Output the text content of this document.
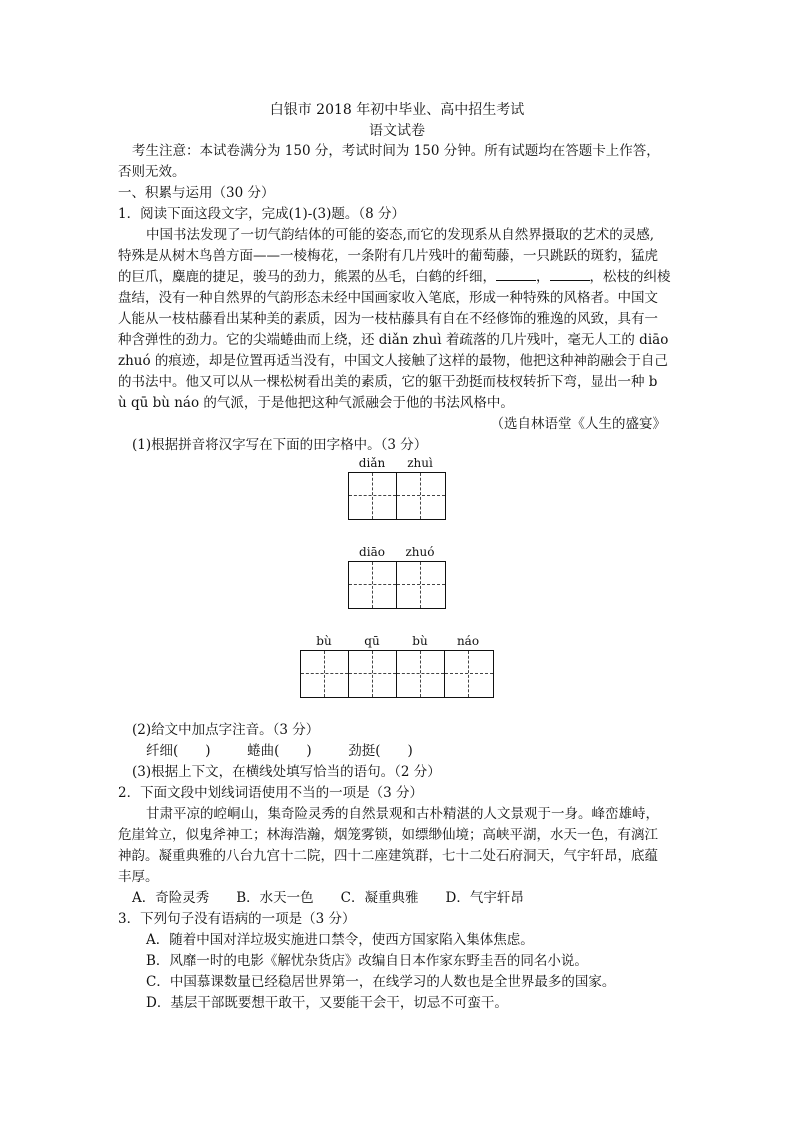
白银市 2018 年初中毕业、高中招生考试
语文试卷
考生注意：本试卷满分为 150 分，考试时间为 150 分钟。所有试题均在答题卡上作答，
否则无效。
一、积累与运用（30 分）
1．阅读下面这段文字，完成(1)-(3)题。（8 分）
中国书法发现了一切气韵结体的可能的姿态,而它的发现系从自然界摄取的艺术的灵感,
特殊是从树木鸟兽方面——一棱梅花，一条附有几片残叶的葡萄藤，一只跳跃的斑豹，猛虎
的巨爪，麋鹿的捷足，骏马的劲力，熊罴的丛毛，白鹤的纤细，	，	，松枝的纠棱
盘结，没有一种自然界的气韵形态未经中国画家收入笔底，形成一种特殊的风格者。中国文
人能从一枝枯藤看出某种美的素质，因为一枝枯藤具有自在不经修饰的雅逸的风致，具有一
种含弹性的劲力。它的尖端蜷曲而上绕，还 diǎn zhuì 着疏落的几片残叶，毫无人工的 diāo
zhuó 的痕迹，却是位置再适当没有，中国文人接触了这样的最物，他把这种神韵融会于自己
的书法中。他又可以从一棵松树看出美的素质，它的躯干劲挺而枝杈转折下弯，显出一种 b
ù qū bù náo 的气派，于是他把这种气派融会于他的书法风格中。
（选自林语堂《人生的盛宴》
(1)根据拼音将汉字写在下面的田字格中。（3 分）
diǎn	zhuì
diāo	zhuó
bù	qū	bù	náo
(2)给文中加点字注音。（3 分）
纤细(　　)	蜷曲(　　)	劲挺(　　)
(3)根据上下文，在横线处填写恰当的语句。（2 分）
2．下面文段中划线词语使用不当的一项是（3 分）
甘肃平凉的崆峒山，集奇险灵秀的自然景观和古朴精湛的人文景观于一身。峰峦雄峙，
危崖耸立，似鬼斧神工；林海浩瀚，烟笼雾锁，如缥缈仙境；高峡平湖，水天一色，有漓江
神韵。凝重典雅的八台九宫十二院，四十二座建筑群，七十二处石府洞天，气宇轩昂，底蕴
丰厚。
A．奇险灵秀　　B．水天一色　　C．凝重典雅　　D．气宇轩昂
3．下列句子没有语病的一项是（3 分）
A．随着中国对洋垃圾实施进口禁令，使西方国家陷入集体焦虑。
B．风靡一时的电影《解忧杂货店》改编自日本作家东野圭吾的同名小说。
C．中国慕课数量已经稳居世界第一，在线学习的人数也是全世界最多的国家。
D．基层干部既要想干敢干，又要能干会干，切忌不可蛮干。
